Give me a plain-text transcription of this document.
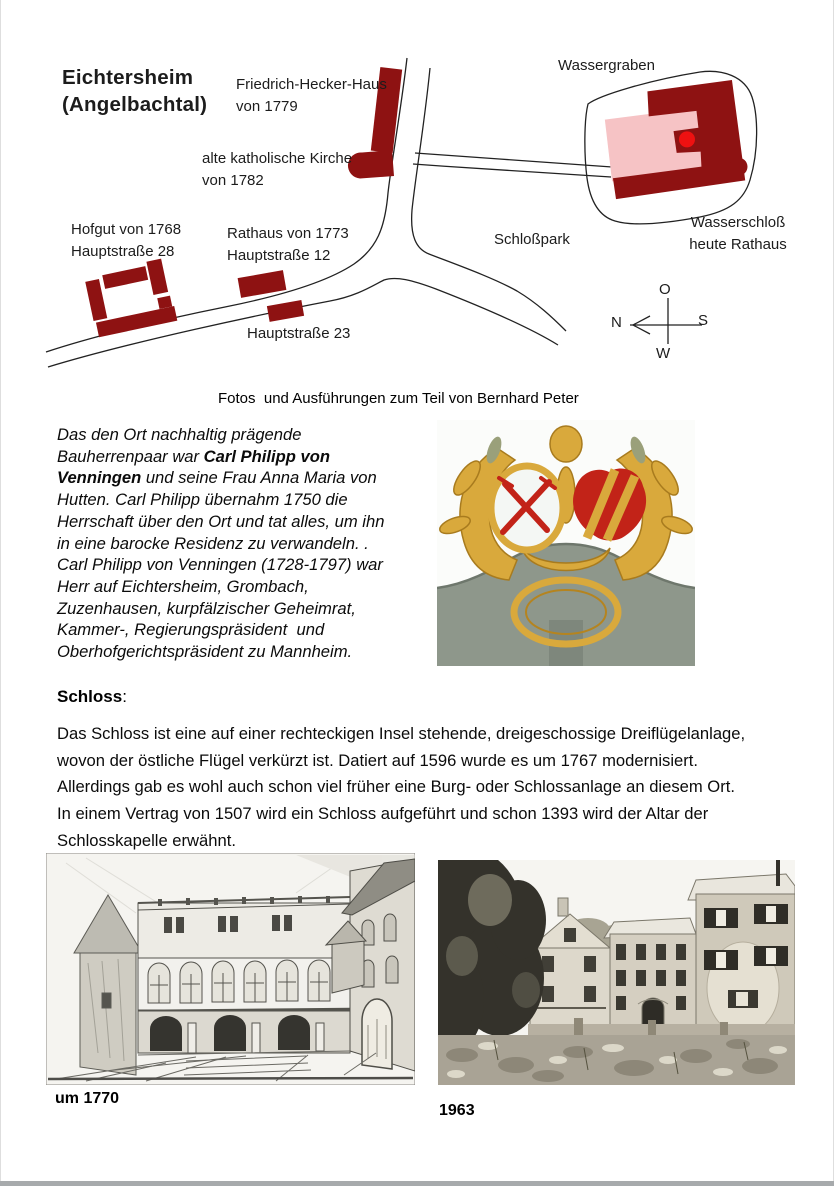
Eichtersheim
(Angelbachtal)
Friedrich-Hecker-Haus
von 1779
alte katholische Kirche
von 1782
Wassergraben
Hofgut von 1768
Hauptstraße 28
Rathaus von 1773
Hauptstraße 12
Schloßpark
Wasserschloß
heute Rathaus
Hauptstraße 23
O
N	S
W
Fotos  und Ausführungen zum Teil von Bernhard Peter
Das den Ort nachhaltig prägende
Bauherrenpaar war Carl Philipp von
Venningen und seine Frau Anna Maria von
Hutten. Carl Philipp übernahm 1750 die
Herrschaft über den Ort und tat alles, um ihn
in eine barocke Residenz zu verwandeln. .
Carl Philipp von Venningen (1728-1797) war
Herr auf Eichtersheim, Grombach,
Zuzenhausen, kurpfälzischer Geheimrat,
Kammer-, Regierungspräsident  und
Oberhofgerichtspräsident zu Mannheim.
Schloss:
Das Schloss ist eine auf einer rechteckigen Insel stehende, dreigeschossige Dreiflügelanlage,
wovon der östliche Flügel verkürzt ist. Datiert auf 1596 wurde es um 1767 modernisiert.
Allerdings gab es wohl auch schon viel früher eine Burg- oder Schlossanlage an diesem Ort.
In einem Vertrag von 1507 wird ein Schloss aufgeführt und schon 1393 wird der Altar der
Schlosskapelle erwähnt.
um 1770
1963
